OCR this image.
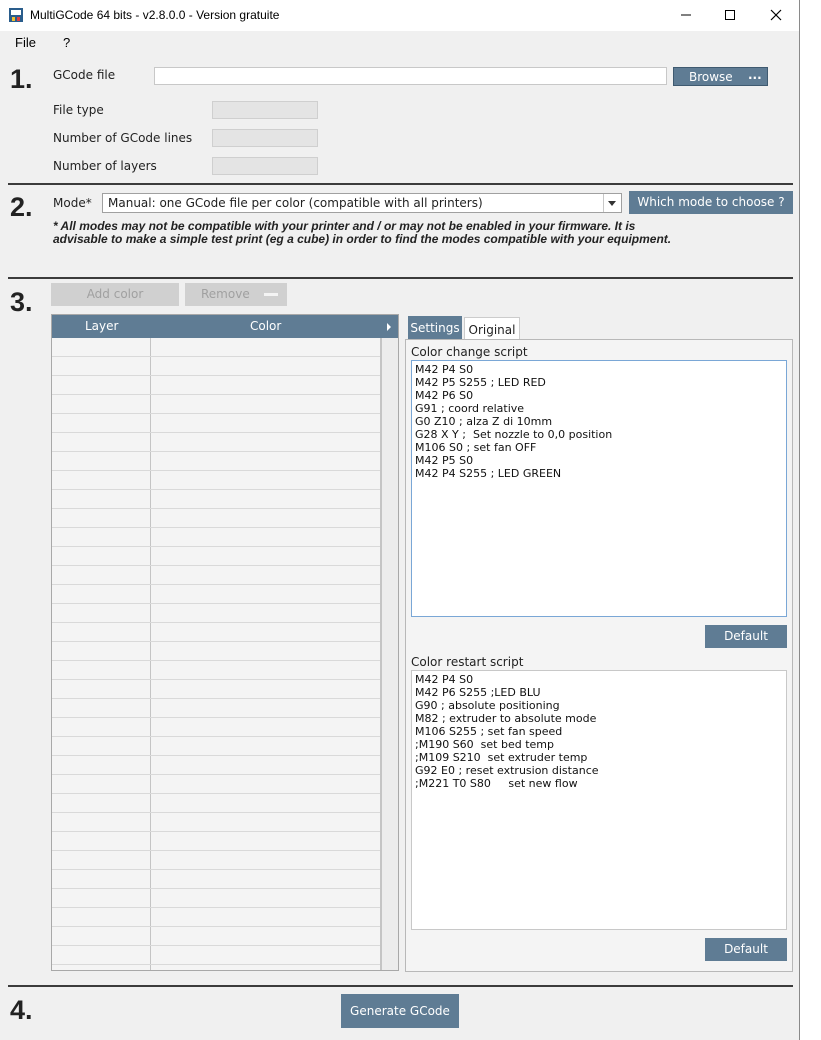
MultiGCode 64 bits - v2.8.0.0 - Version gratuite
File ?
1. GCode file	Browse ...
File type
Number of GCode lines
Number of layers
2. Mode* Manual: one GCode file per color (compatible with all printers)	Which mode to choose ?
* All modes may not be compatible with your printer and / or may not be enabled in your firmware. It is
advisable to make a simple test print (eg a cube) in order to find the modes compatible with your equipment.
3.	Add color	Remove
Layer	Color	Settings Original
Color change script
M42 P4 S0
M42 P5 S255 ; LED RED
M42 P6 S0
G91 ; coord relative
G0 Z10 ; alza Z di 10mm
G28 X Y ;  Set nozzle to 0,0 position
M106 S0 ; set fan OFF
M42 P5 S0
M42 P4 S255 ; LED GREEN
Default
Color restart script
M42 P4 S0
M42 P6 S255 ;LED BLU
G90 ; absolute positioning
M82 ; extruder to absolute mode
M106 S255 ; set fan speed
;M190 S60  set bed temp
;M109 S210  set extruder temp
G92 E0 ; reset extrusion distance
;M221 T0 S80     set new flow
Default
4.	Generate GCode
